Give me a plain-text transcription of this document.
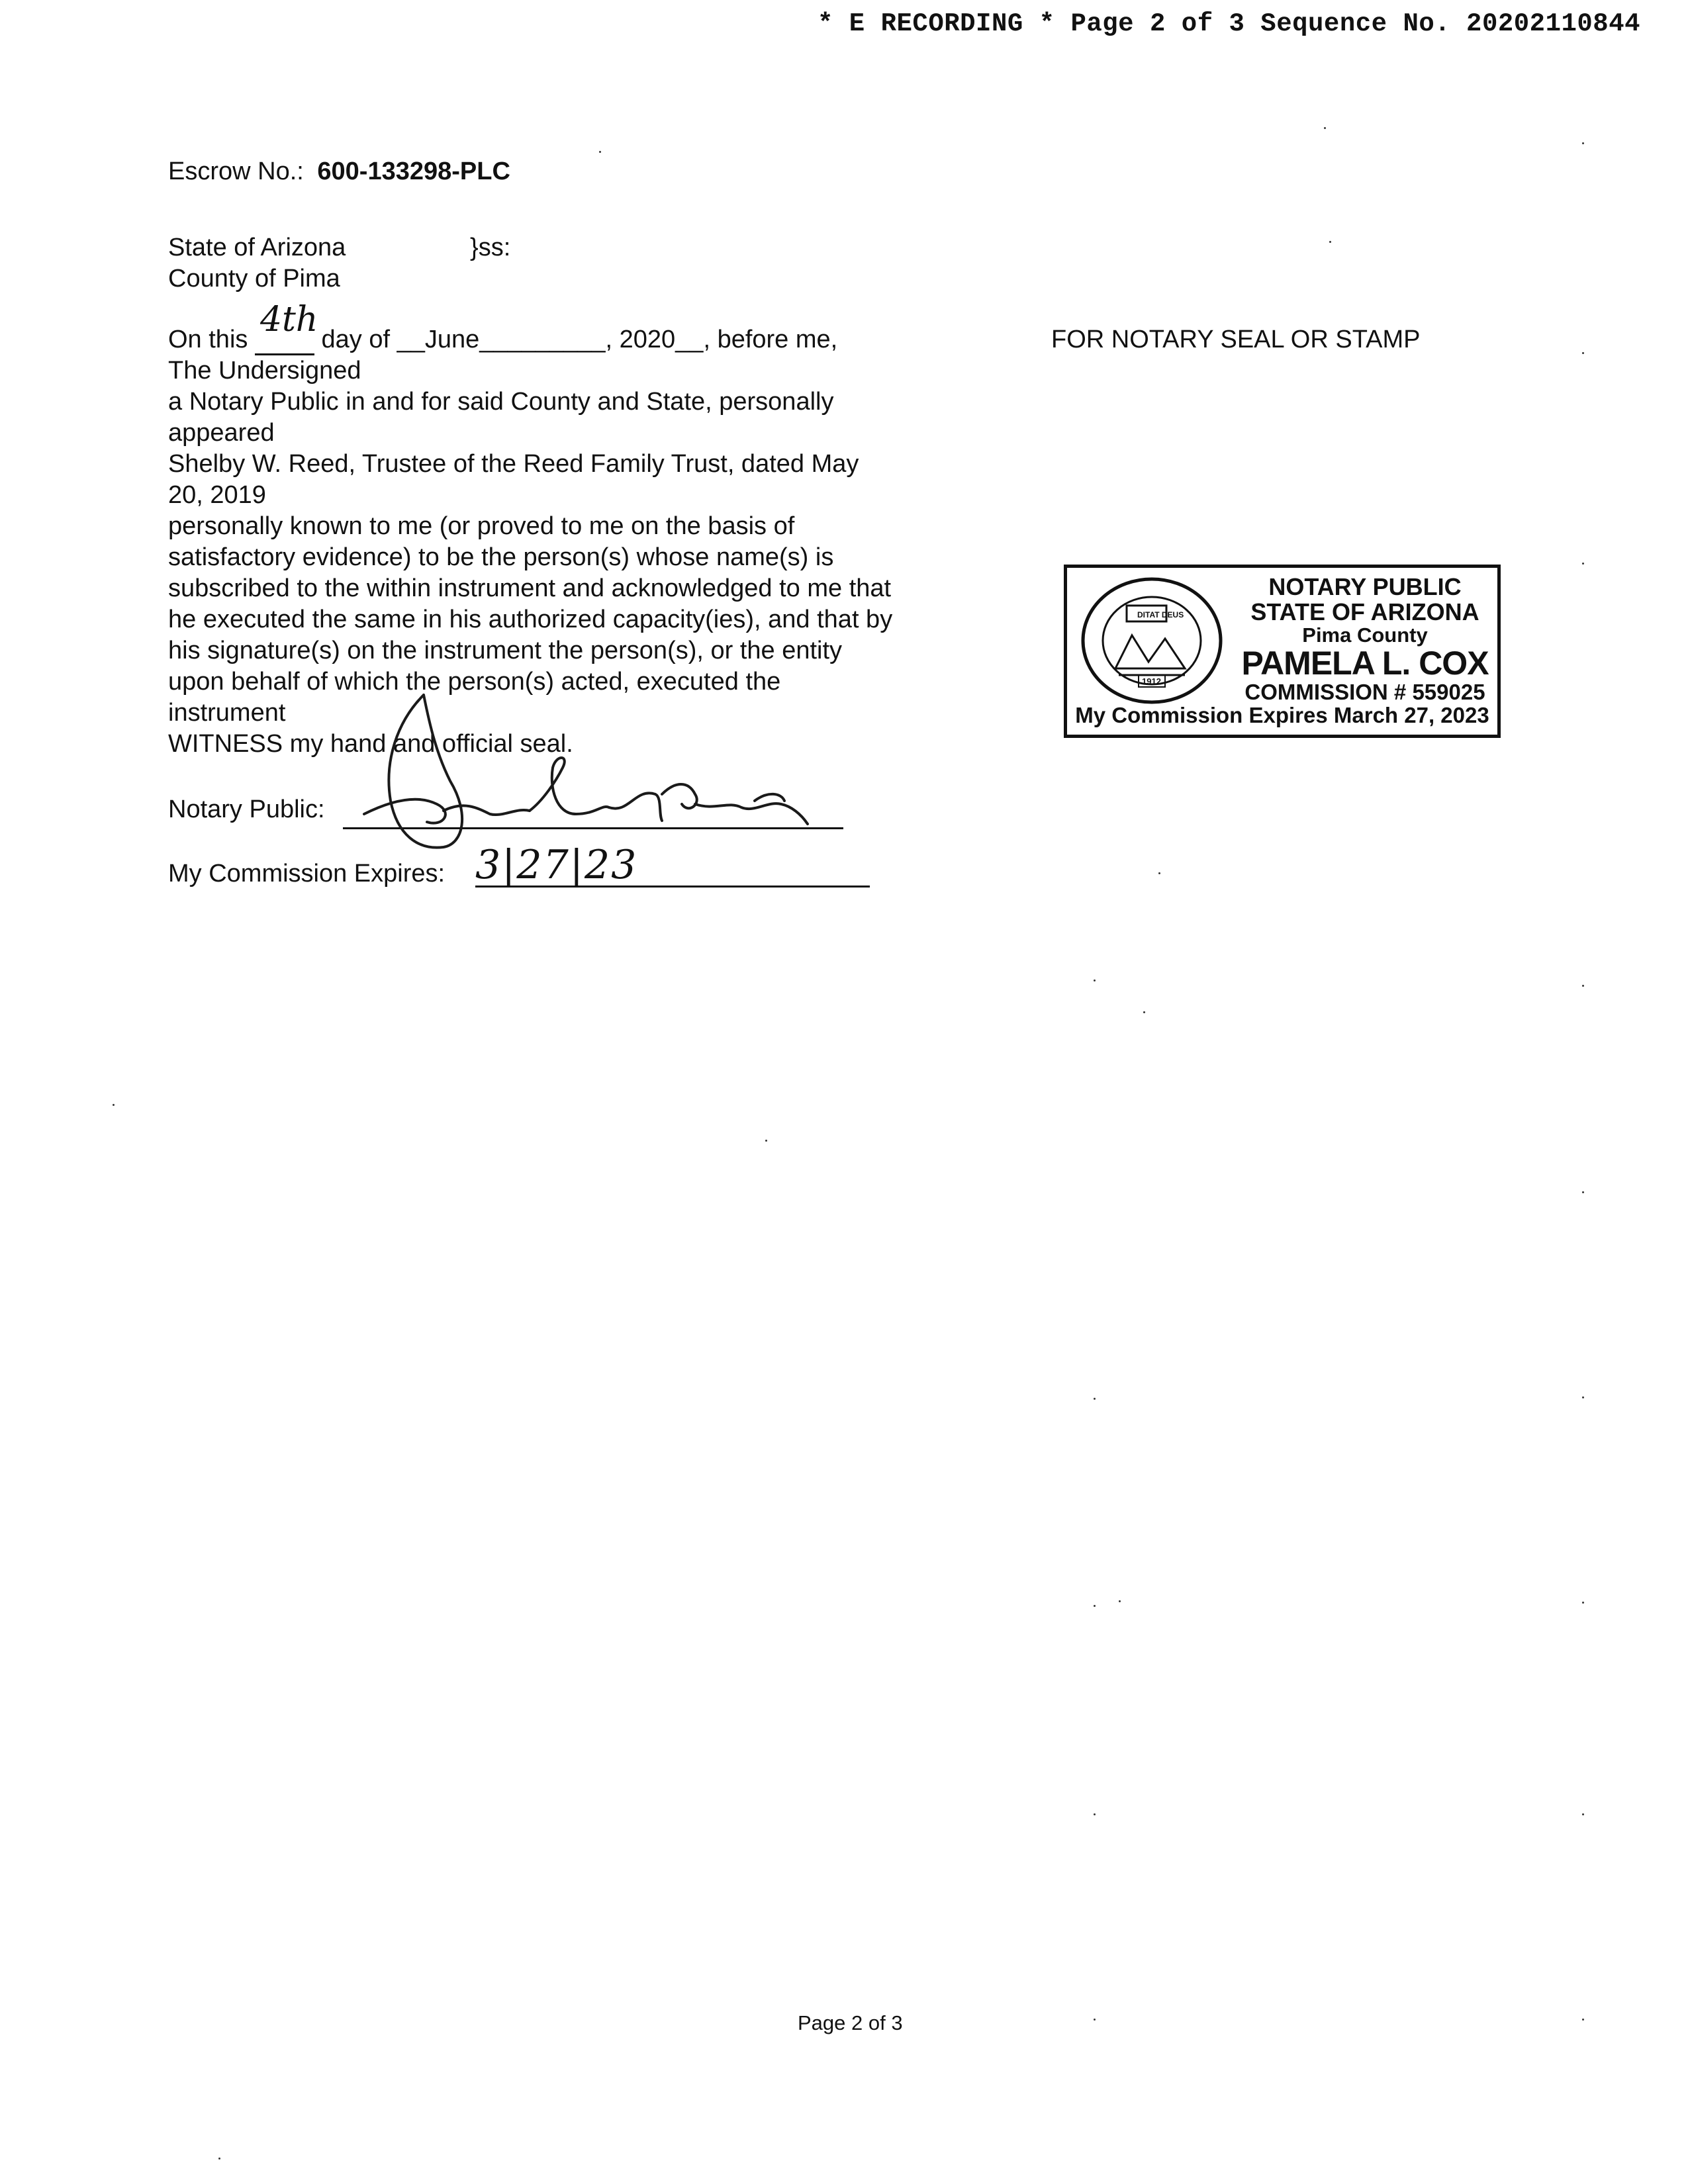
* E RECORDING * Page 2 of 3 Sequence No. 20202110844
Escrow No.: 600-133298-PLC
State of Arizona	}ss:
County of Pima
On this 4th day of __June_________, 2020__, before me,
The Undersigned
a Notary Public in and for said County and State, personally
appeared
Shelby W. Reed, Trustee of the Reed Family Trust, dated May
20, 2019
personally known to me (or proved to me on the basis of
satisfactory evidence) to be the person(s) whose name(s) is
subscribed to the within instrument and acknowledged to me that
he executed the same in his authorized capacity(ies), and that by
his signature(s) on the instrument the person(s), or the entity
upon behalf of which the person(s) acted, executed the
instrument
WITNESS my hand and official seal.
Notary Public:
My Commission Expires: 3|27|23
FOR NOTARY SEAL OR STAMP
DITAT DEUS
1912
NOTARY PUBLIC
STATE OF ARIZONA
Pima County
PAMELA L. COX
COMMISSION # 559025
My Commission Expires March 27, 2023
Page 2 of 3
